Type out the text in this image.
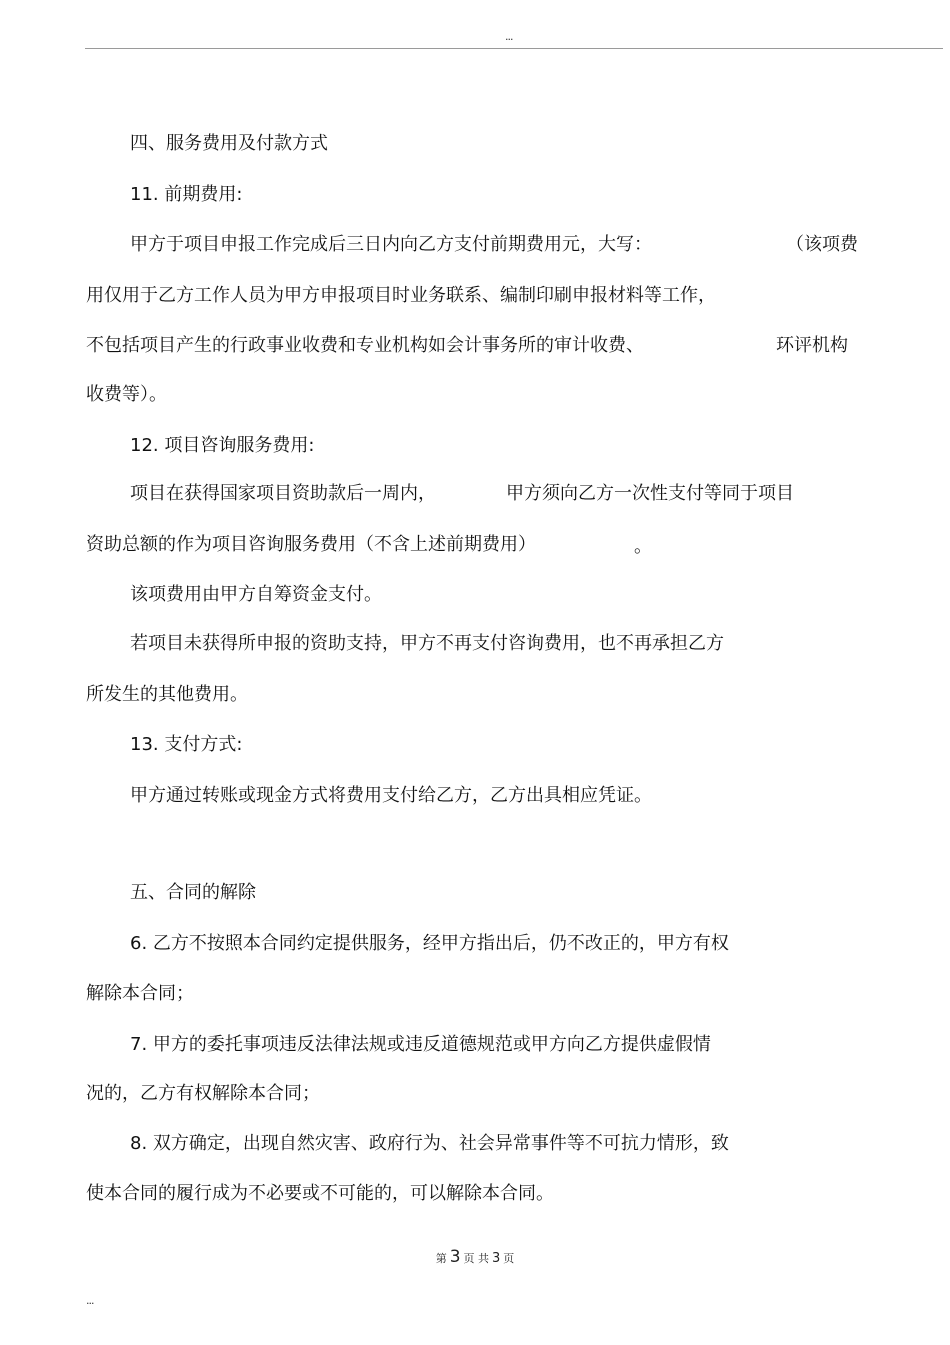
...
四、服务费用及付款方式
11. 前期费用:
甲方于项目申报工作完成后三日内向乙方支付前期费用元，大写：	（该项费
用仅用于乙方工作人员为甲方申报项目时业务联系、编制印刷申报材料等工作，
不包括项目产生的行政事业收费和专业机构如会计事务所的审计收费、	环评机构
收费等）。
12. 项目咨询服务费用:
项目在获得国家项目资助款后一周内，	甲方须向乙方一次性支付等同于项目
资助总额的作为项目咨询服务费用（不含上述前期费用）	。
该项费用由甲方自筹资金支付。
若项目未获得所申报的资助支持，甲方不再支付咨询费用，也不再承担乙方
所发生的其他费用。
13. 支付方式:
甲方通过转账或现金方式将费用支付给乙方，乙方出具相应凭证。
五、合同的解除
6. 乙方不按照本合同约定提供服务，经甲方指出后，仍不改正的，甲方有权
解除本合同；
7. 甲方的委托事项违反法律法规或违反道德规范或甲方向乙方提供虚假情
况的，乙方有权解除本合同；
8. 双方确定，出现自然灾害、政府行为、社会异常事件等不可抗力情形，致
使本合同的履行成为不必要或不可能的，可以解除本合同。
第 3 页 共 3 页
...
